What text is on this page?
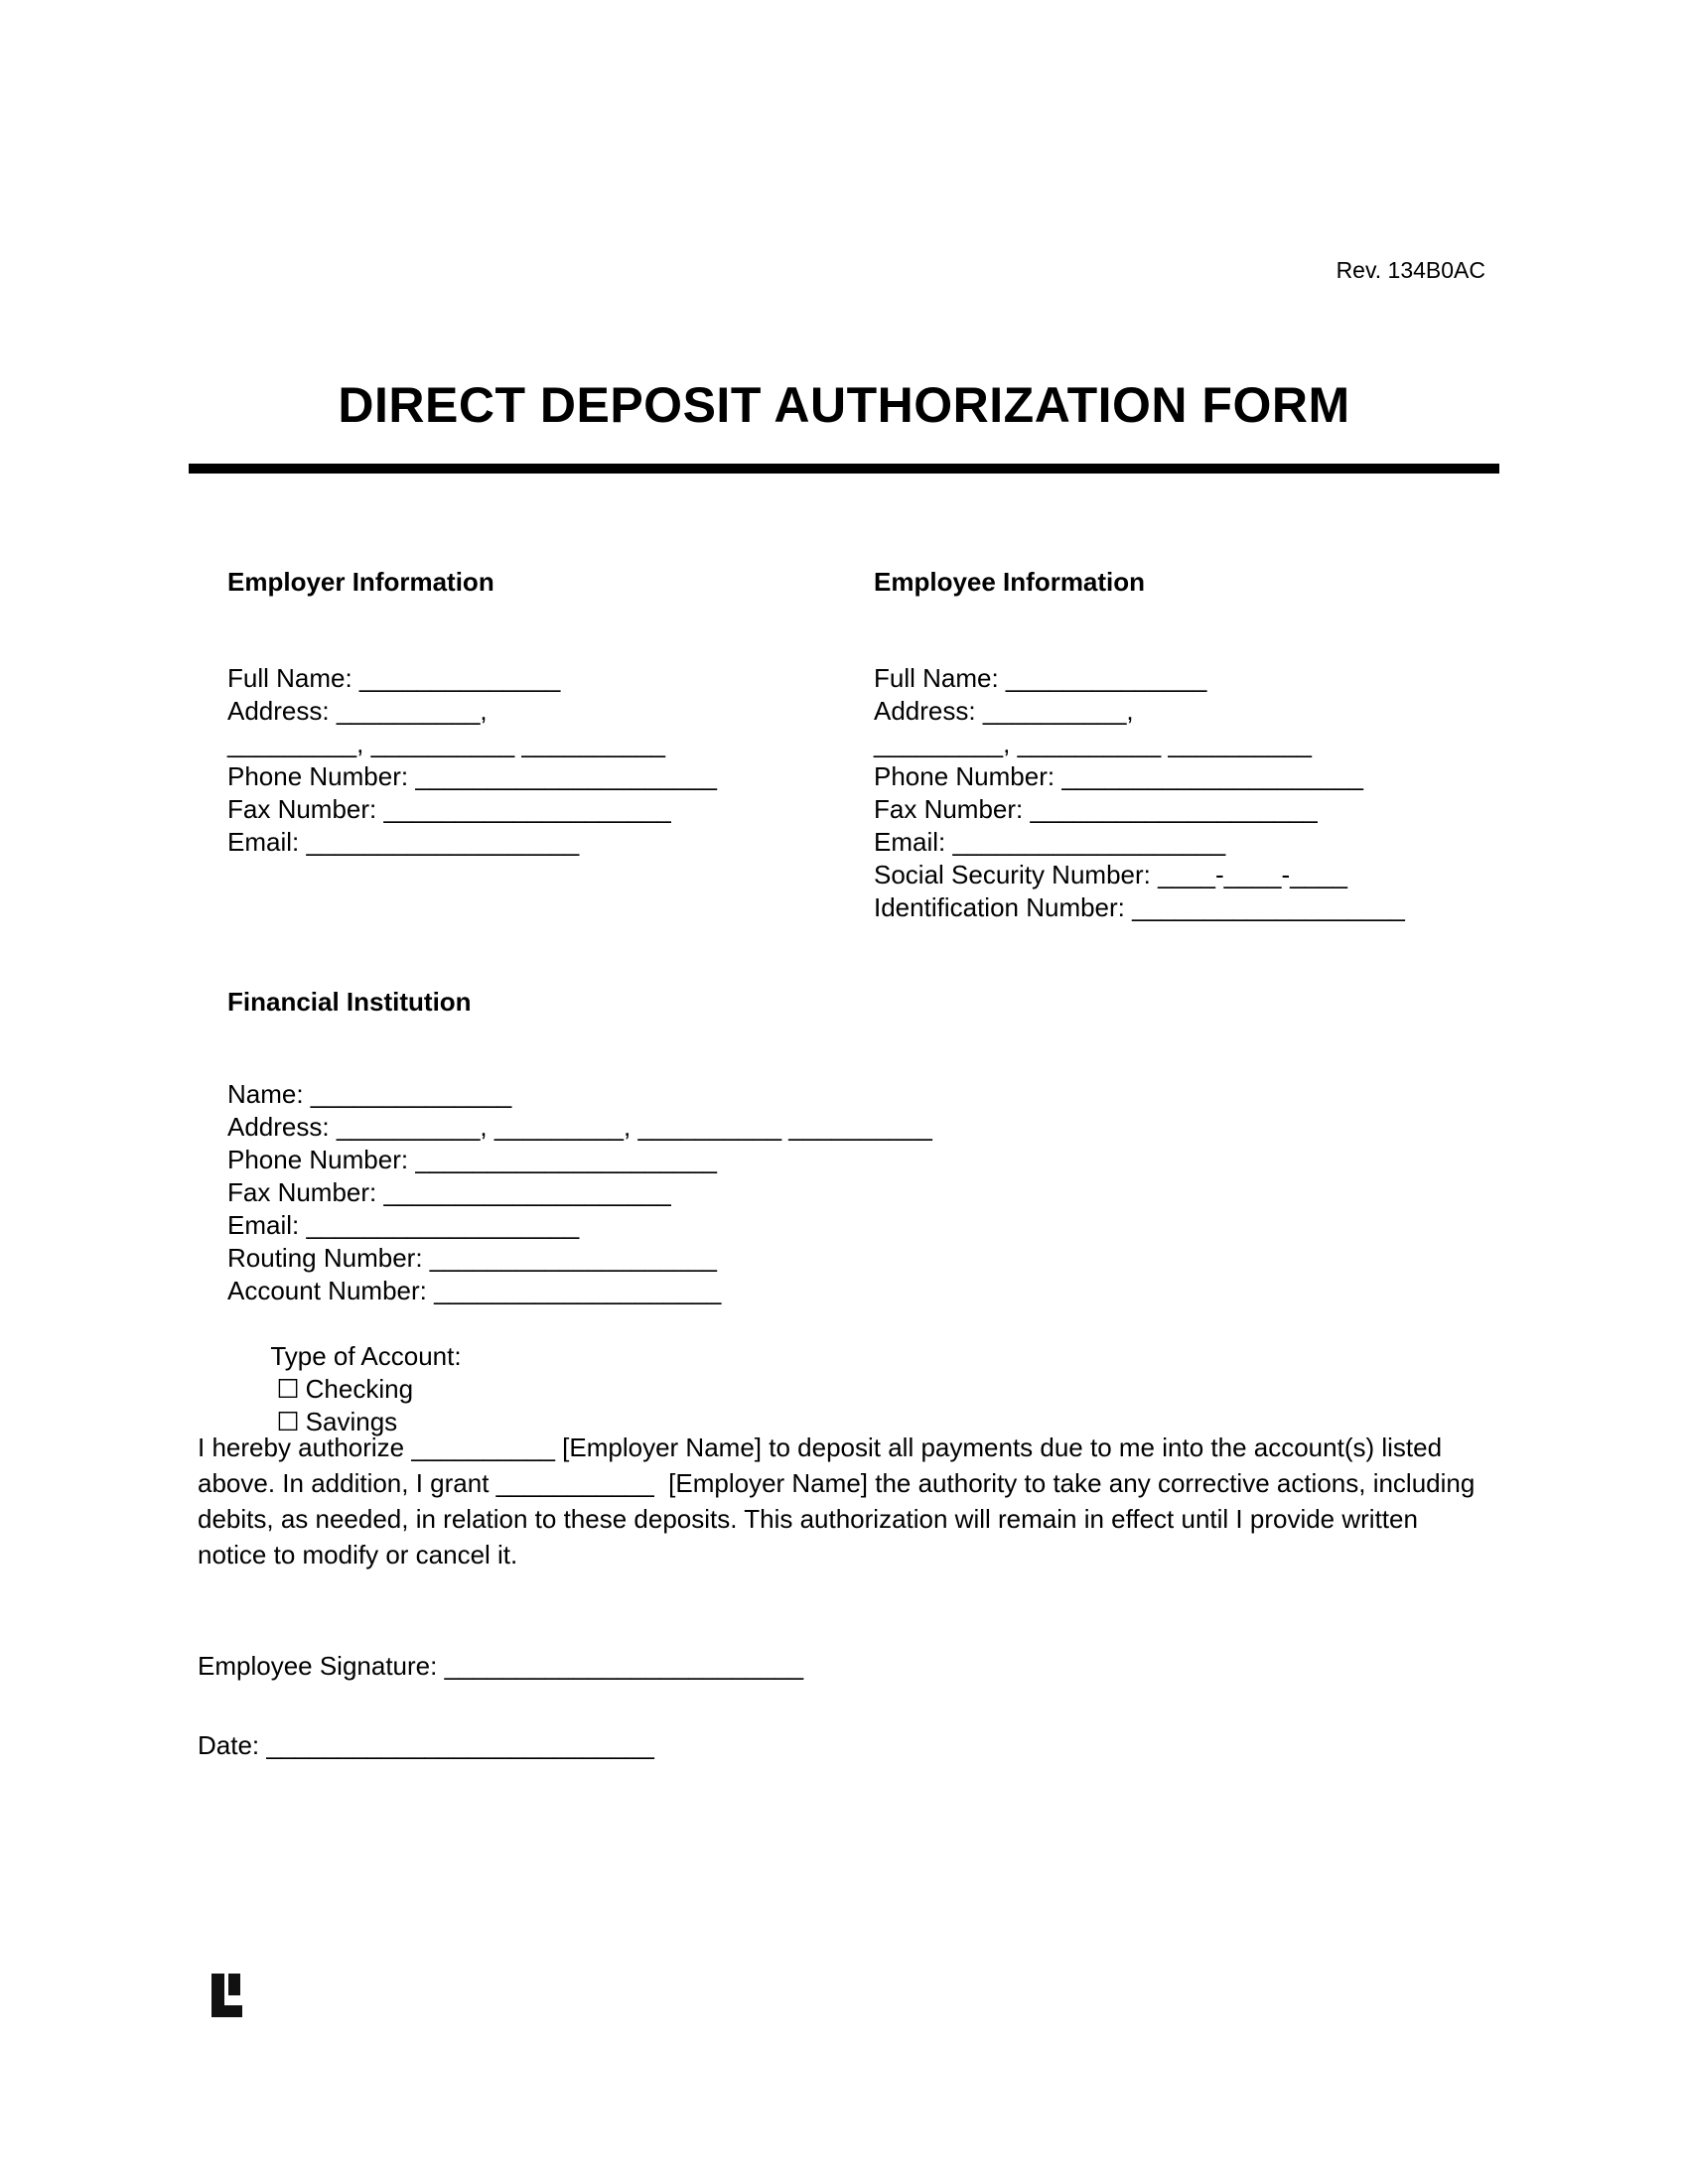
Rev. 134B0AC
DIRECT DEPOSIT AUTHORIZATION FORM
Employer Information
Full Name: ______________
Address: __________,
_________, __________ __________
Phone Number: _____________________
Fax Number: ____________________
Email: ___________________
Employee Information
Full Name: ______________
Address: __________,
_________, __________ __________
Phone Number: _____________________
Fax Number: ____________________
Email: ___________________
Social Security Number: ____-____-____
Identification Number: ___________________
Financial Institution
Name: ______________
Address: __________, _________, __________ __________
Phone Number: _____________________
Fax Number: ____________________
Email: ___________________
Routing Number: ____________________
Account Number: ____________________

Type of Account:
☐ Checking
☐ Savings

I hereby authorize __________ [Employer Name] to deposit all payments due to me into the account(s) listed above. In addition, I grant ___________  [Employer Name] the authority to take any corrective actions, including debits, as needed, in relation to these deposits. This authorization will remain in effect until I provide written notice to modify or cancel it.

Employee Signature: _________________________
Date: ___________________________
